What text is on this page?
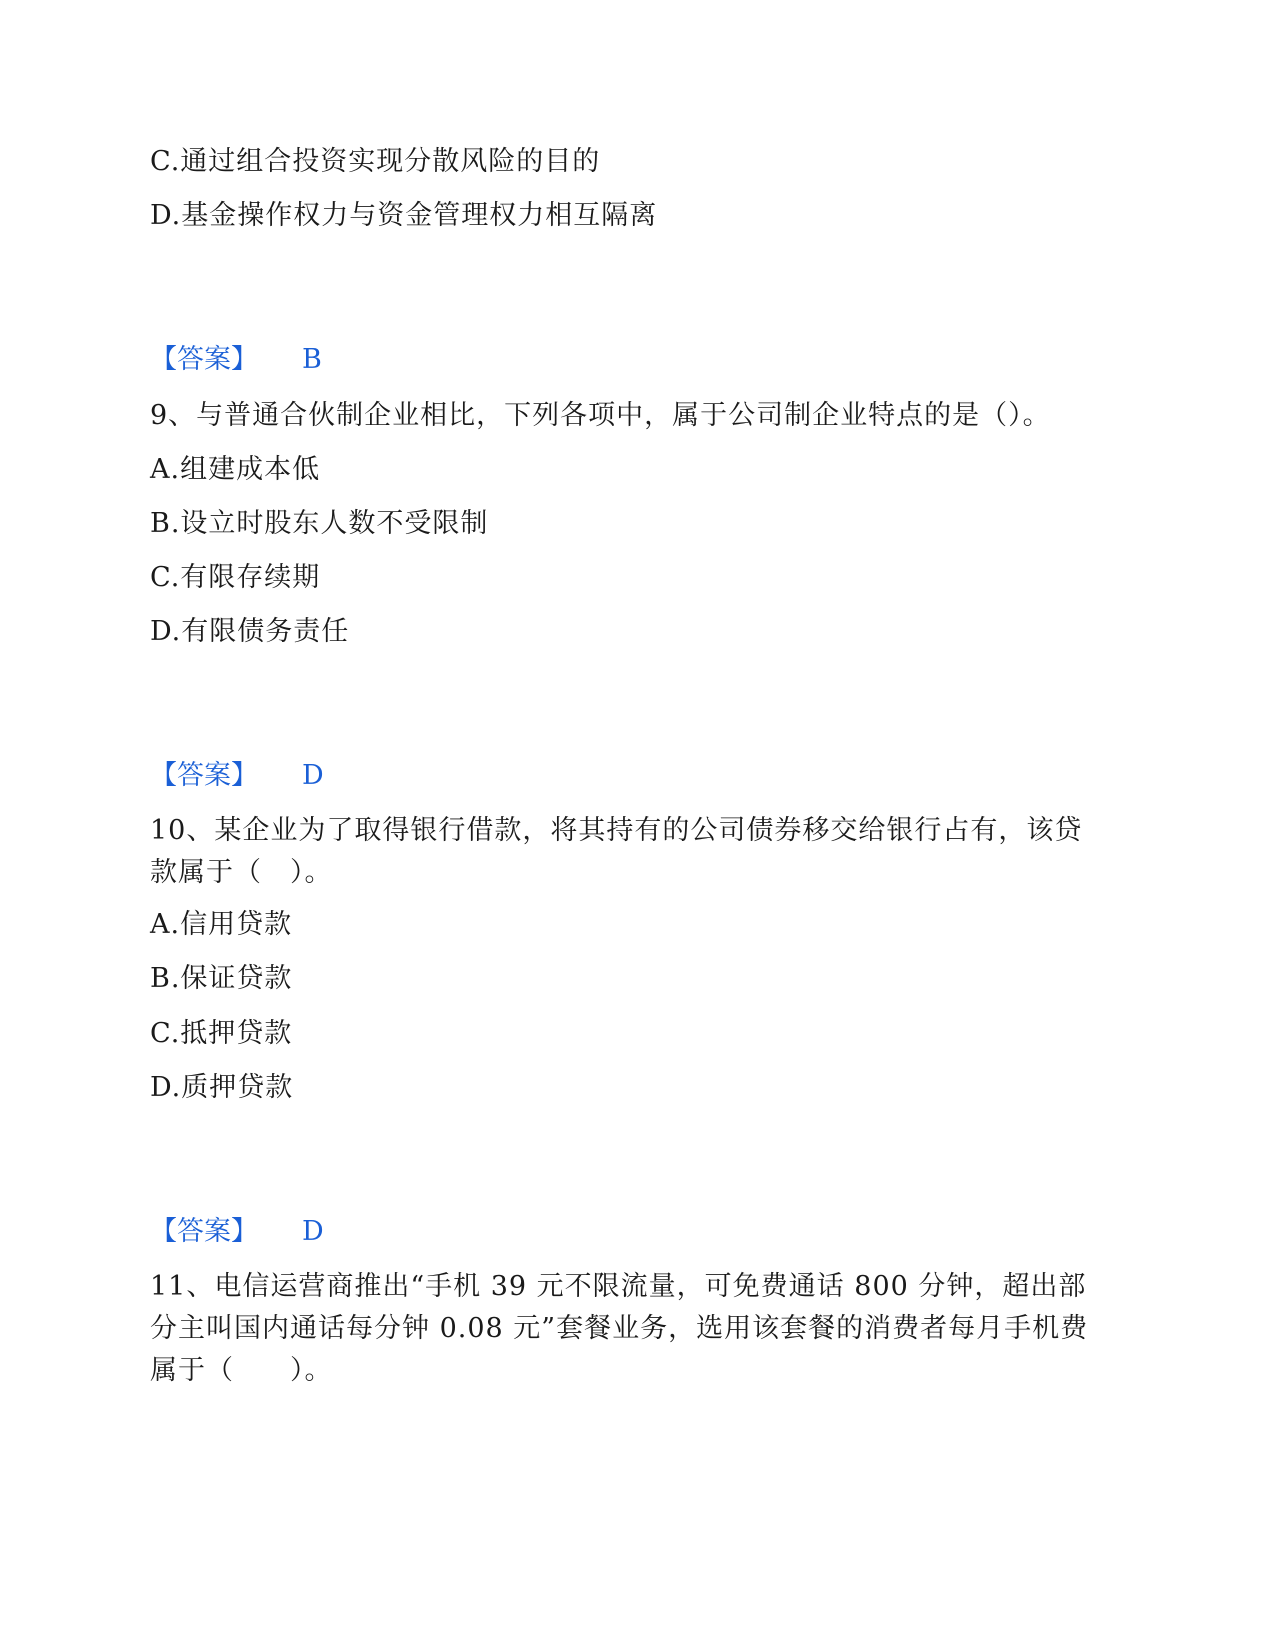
C.通过组合投资实现分散风险的目的
D.基金操作权力与资金管理权力相互隔离
【答案】 B
9、与普通合伙制企业相比，下列各项中，属于公司制企业特点的是（）。
A.组建成本低
B.设立时股东人数不受限制
C.有限存续期
D.有限债务责任
【答案】 D
10、某企业为了取得银行借款，将其持有的公司债券移交给银行占有，该贷款属于（　）。
A.信用贷款
B.保证贷款
C.抵押贷款
D.质押贷款
【答案】 D
11、电信运营商推出“手机 39 元不限流量，可免费通话 800 分钟，超出部分主叫国内通话每分钟 0.08 元”套餐业务，选用该套餐的消费者每月手机费属于（　　）。
